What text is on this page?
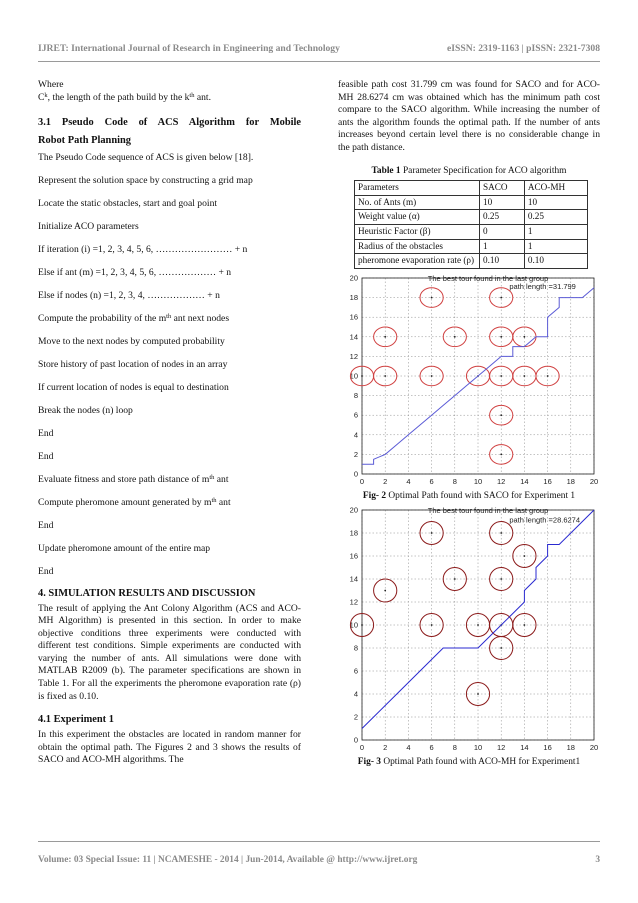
IJRET: International Journal of Research in Engineering and Technology	eISSN: 2319-1163 | pISSN: 2321-7308

Where

$C^k$, the length of the path build by the $k^{th}$ ant.

3.1 Pseudo Code of ACS Algorithm for Mobile
Robot Path Planning

The Pseudo Code sequence of ACS is given below [18].

Represent the solution space by constructing a grid map

Locate the static obstacles, start and goal point

Initialize ACO parameters

If iteration (i) =1, 2, 3, 4, 5, 6, …………………… + n

Else if ant (m) =1, 2, 3, 4, 5, 6, ……………… + n

Else if nodes (n) =1, 2, 3, 4, ……………… + n

Compute the probability of the $m^{th}$ ant next nodes

Move to the next nodes by computed probability

Store history of past location of nodes in an array

If current location of nodes is equal to destination

Break the nodes (n) loop

End

End

Evaluate fitness and store path distance of $m^{th}$ ant

Compute pheromone amount generated by $m^{th}$ ant

End

Update pheromone amount of the entire map

End

4. SIMULATION RESULTS AND DISCUSSION

The result of applying the Ant Colony Algorithm (ACS and ACO-MH Algorithm) is presented in this section. In order to make objective conditions three experiments were conducted with different test conditions. Simple experiments are conducted with varying the number of ants. All simulations were done with MATLAB R2009 (b). The parameter specifications are shown in Table 1. For all the experiments the pheromone evaporation rate (ρ) is fixed as 0.10.

4.1 Experiment 1

In this experiment the obstacles are located in random manner for obtain the optimal path. The Figures 2 and 3 shows the results of SACO and ACO-MH algorithms. The

feasible path cost 31.799 cm was found for SACO and for ACO-MH 28.6274 cm was obtained which has the minimum path cost compare to the SACO algorithm. While increasing the number of ants the algorithm founds the optimal path. If the number of ants increases beyond certain level there is no considerable change in the path distance.

Table 1 Parameter Specification for ACO algorithm

Parameters	SACO	ACO-MH
No. of Ants (m)	10	10
Weight value (α)	0.25	0.25
Heuristic Factor (β)	0	1
Radius of the obstacles	1	1
pheromone evaporation rate (ρ)	0.10	0.10
0	2	4	6	8 10 12 14 16 18 20
0
2
4
6
8
10
12
14
16
18
20	The best tour found in the last group
path length =31.799

Fig- 2 Optimal Path found with SACO for Experiment 1

0	2	4	6	8 10 12 14 16 18 20
0
2
4
6
8
10
12
14
16
18
20	The best tour found in the last group
path length =28.6274

Fig- 3 Optimal Path found with ACO-MH for Experiment1

Volume: 03 Special Issue: 11 | NCAMESHE - 2014 | Jun-2014, Available @ http://www.ijret.org	3
